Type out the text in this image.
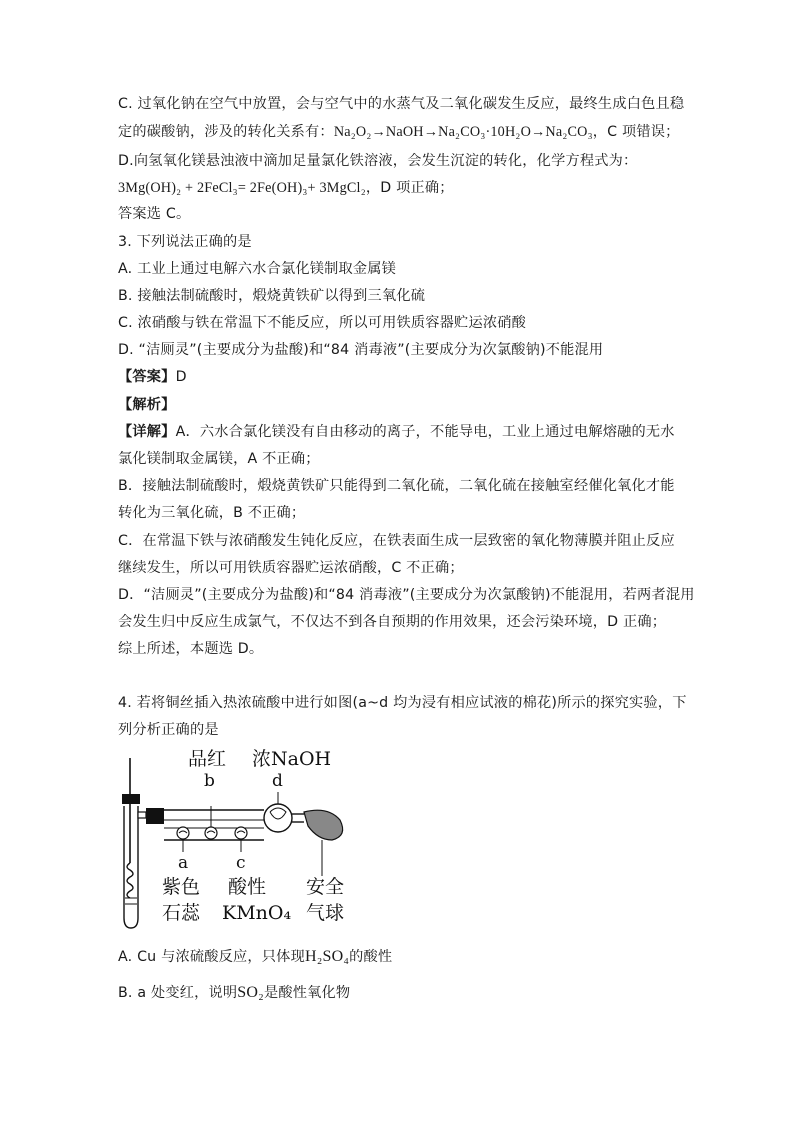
C. 过氧化钠在空气中放置，会与空气中的水蒸气及二氧化碳发生反应，最终生成白色且稳
定的碳酸钠，涉及的转化关系有：Na₂O₂→NaOH→Na₂CO₃·10H₂O→Na₂CO₃，C 项错误；
D.向氢氧化镁悬浊液中滴加足量氯化铁溶液，会发生沉淀的转化，化学方程式为：
3Mg(OH)₂ + 2FeCl₃= 2Fe(OH)₃+ 3MgCl₂，D 项正确；
答案选 C。
3. 下列说法正确的是
A. 工业上通过电解六水合氯化镁制取金属镁
B. 接触法制硫酸时，煅烧黄铁矿以得到三氧化硫
C. 浓硝酸与铁在常温下不能反应，所以可用铁质容器贮运浓硝酸
D. “洁厕灵”(主要成分为盐酸)和“84 消毒液”(主要成分为次氯酸钠)不能混用
【答案】D
【解析】
【详解】A．六水合氯化镁没有自由移动的离子，不能导电，工业上通过电解熔融的无水
氯化镁制取金属镁，A 不正确；
B．接触法制硫酸时，煅烧黄铁矿只能得到二氧化硫，二氧化硫在接触室经催化氧化才能
转化为三氧化硫，B 不正确；
C．在常温下铁与浓硝酸发生钝化反应，在铁表面生成一层致密的氧化物薄膜并阻止反应
继续发生，所以可用铁质容器贮运浓硝酸，C 不正确；
D．“洁厕灵”(主要成分为盐酸)和“84 消毒液”(主要成分为次氯酸钠)不能混用，若两者混用
会发生归中反应生成氯气，不仅达不到各自预期的作用效果，还会污染环境，D 正确；
综上所述，本题选 D。
4. 若将铜丝插入热浓硫酸中进行如图(a~d 均为浸有相应试液的棉花)所示的探究实验，下
列分析正确的是
品红 浓NaOH
b	d
a	c
紫色
石蕊
酸性
KMnO₄
安全
气球
A. Cu 与浓硫酸反应，只体现H₂SO₄的酸性
B. a 处变红，说明SO₂是酸性氧化物
